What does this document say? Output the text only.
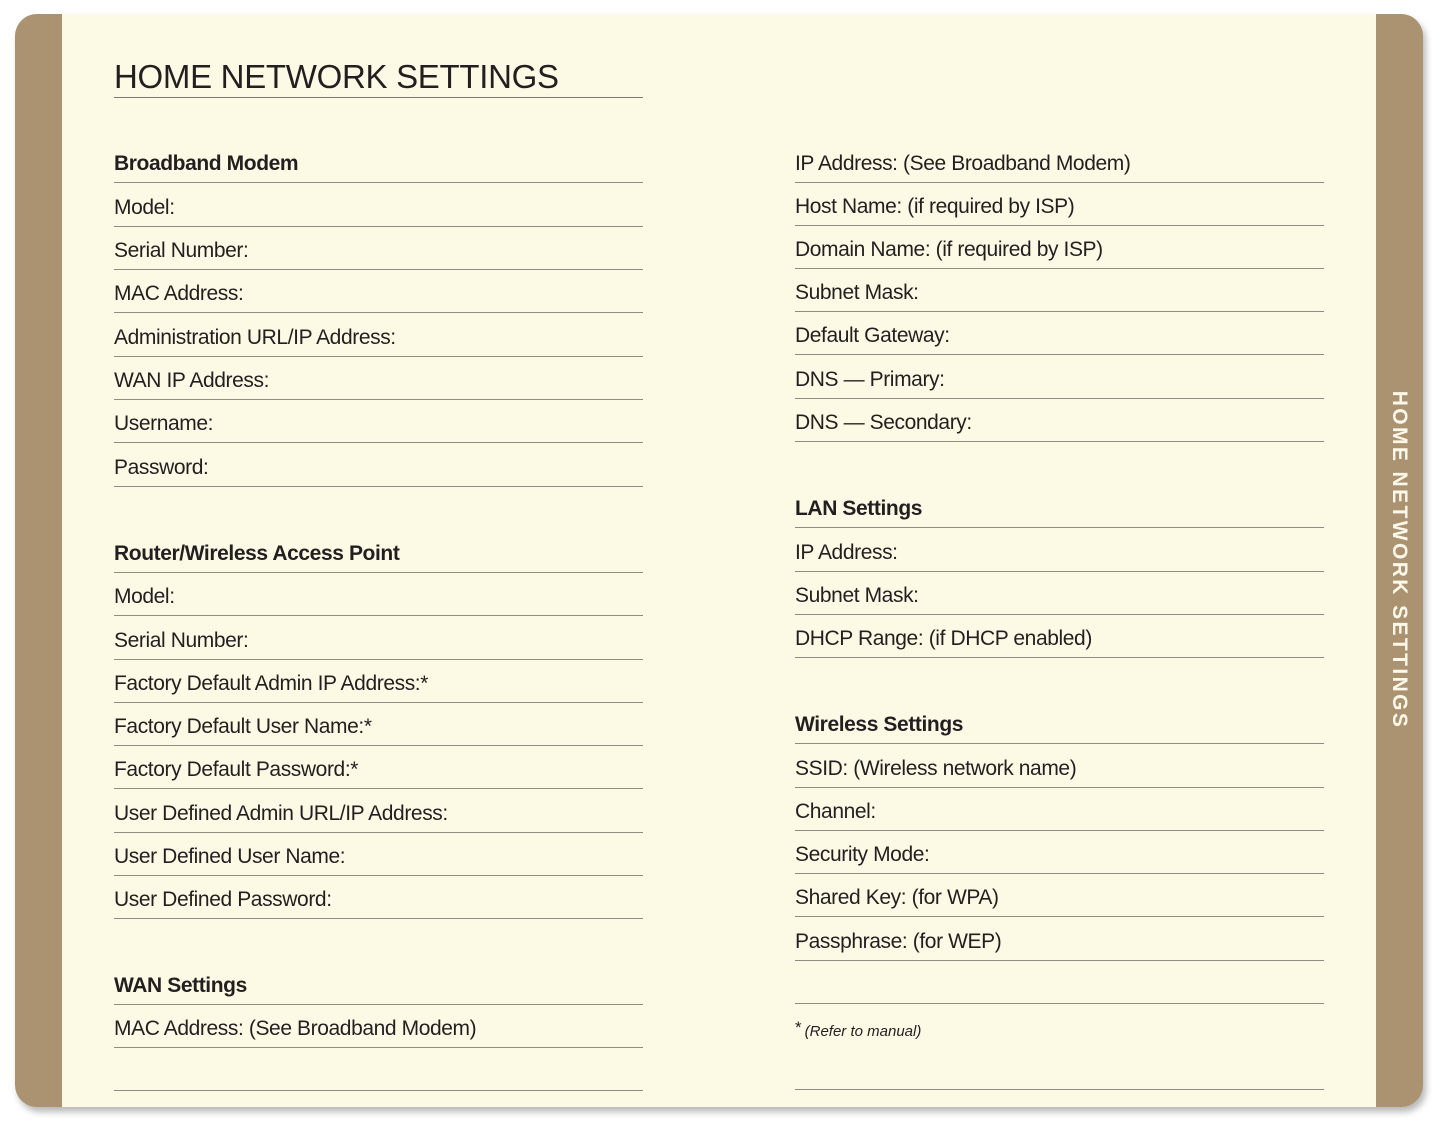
HOME NETWORK SETTINGS
Broadband Modem
Model:
Serial Number:
MAC Address:
Administration URL/IP Address:
WAN IP Address:
Username:
Password:
Router/Wireless Access Point
Model:
Serial Number:
Factory Default Admin IP Address:*
Factory Default User Name:*
Factory Default Password:*
User Defined Admin URL/IP Address:
User Defined User Name:
User Defined Password:
WAN Settings
MAC Address: (See Broadband Modem)
IP Address: (See Broadband Modem)
Host Name: (if required by ISP)
Domain Name: (if required by ISP)
Subnet Mask:
Default Gateway:
DNS — Primary:
DNS — Secondary:
LAN Settings
IP Address:
Subnet Mask:
DHCP Range: (if DHCP enabled)
Wireless Settings
SSID: (Wireless network name)
Channel:
Security Mode:
Shared Key: (for WPA)
Passphrase: (for WEP)
* (Refer to manual)
HOME NETWORK SETTINGS
